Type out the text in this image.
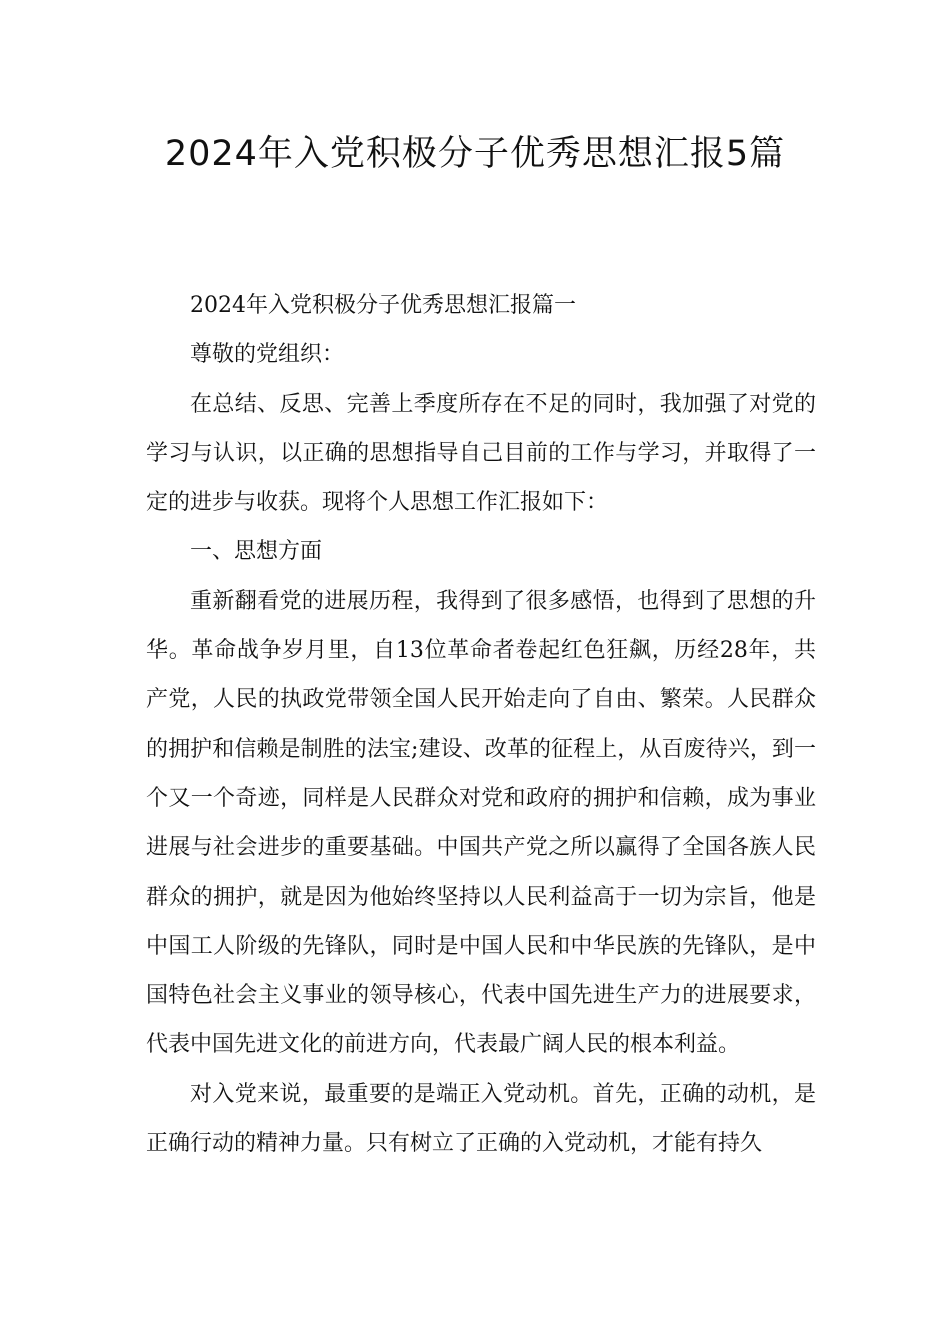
2024年入党积极分子优秀思想汇报5篇

2024年入党积极分子优秀思想汇报篇一

尊敬的党组织：

在总结、反思、完善上季度所存在不足的同时，我加强了对党的学习与认识，以正确的思想指导自己目前的工作与学习，并取得了一定的进步与收获。现将个人思想工作汇报如下：

一、思想方面

重新翻看党的进展历程，我得到了很多感悟，也得到了思想的升华。革命战争岁月里，自13位革命者卷起红色狂飙，历经28年，共产党，人民的执政党带领全国人民开始走向了自由、繁荣。人民群众的拥护和信赖是制胜的法宝;建设、改革的征程上，从百废待兴，到一个又一个奇迹，同样是人民群众对党和政府的拥护和信赖，成为事业进展与社会进步的重要基础。中国共产党之所以赢得了全国各族人民群众的拥护，就是因为他始终坚持以人民利益高于一切为宗旨，他是中国工人阶级的先锋队，同时是中国人民和中华民族的先锋队，是中国特色社会主义事业的领导核心，代表中国先进生产力的进展要求，代表中国先进文化的前进方向，代表最广阔人民的根本利益。

对入党来说，最重要的是端正入党动机。首先，正确的动机，是正确行动的精神力量。只有树立了正确的入党动机，才能有持久
